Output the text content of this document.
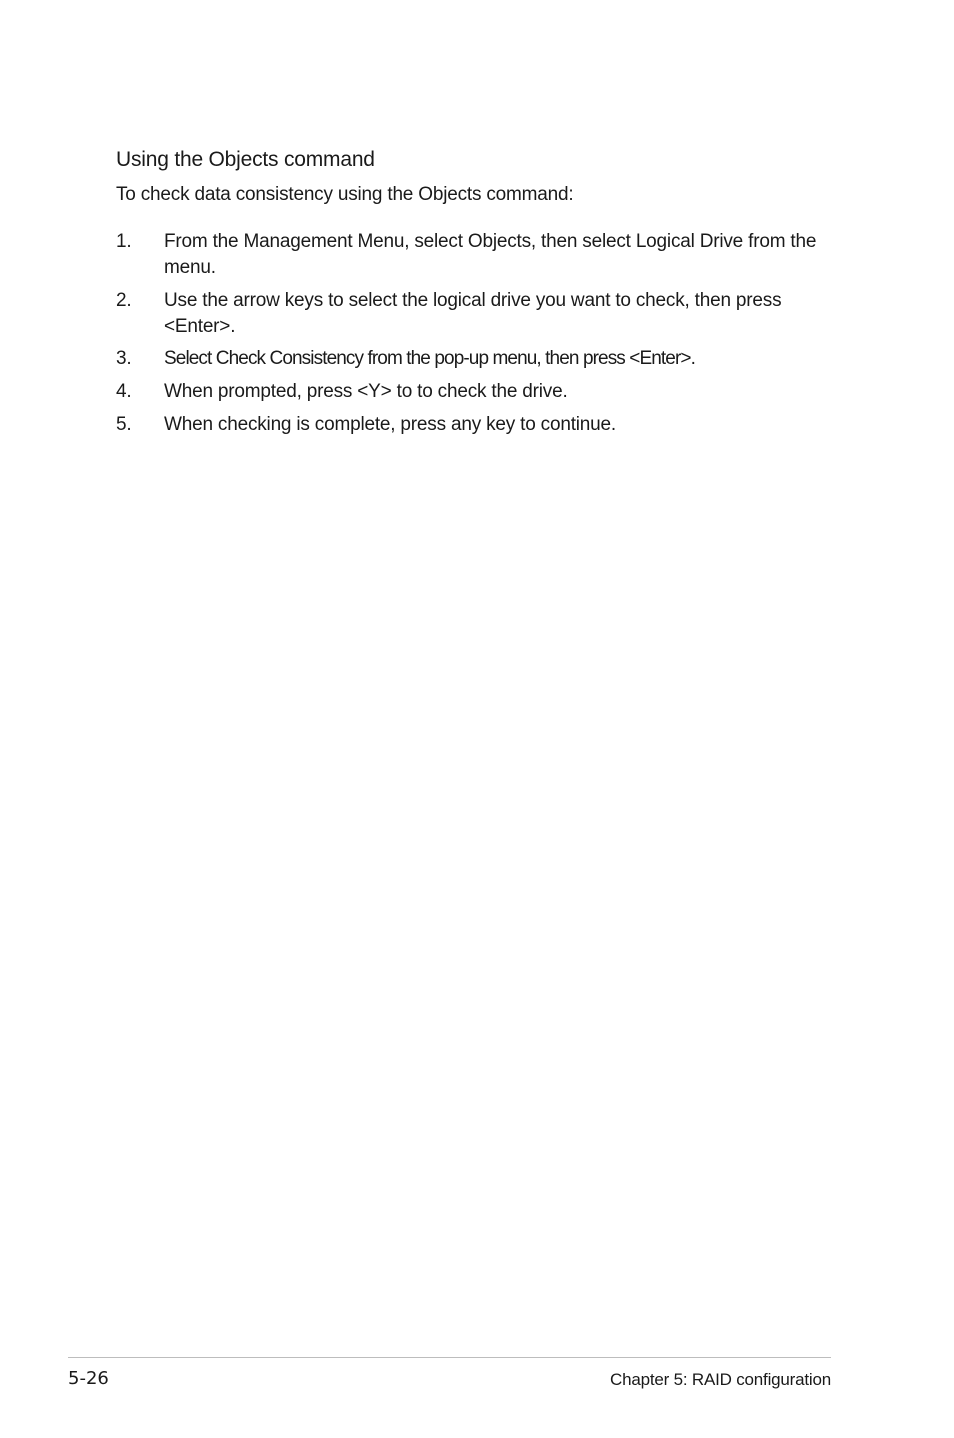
Using the Objects command
To check data consistency using the Objects command:
1. From the Management Menu, select Objects, then select Logical Drive from the menu.
2. Use the arrow keys to select the logical drive you want to check, then press <Enter>.
3. Select Check Consistency from the pop-up menu, then press <Enter>.
4. When prompted, press <Y> to to check the drive.
5. When checking is complete, press any key to continue.
5-26	Chapter 5: RAID configuration
